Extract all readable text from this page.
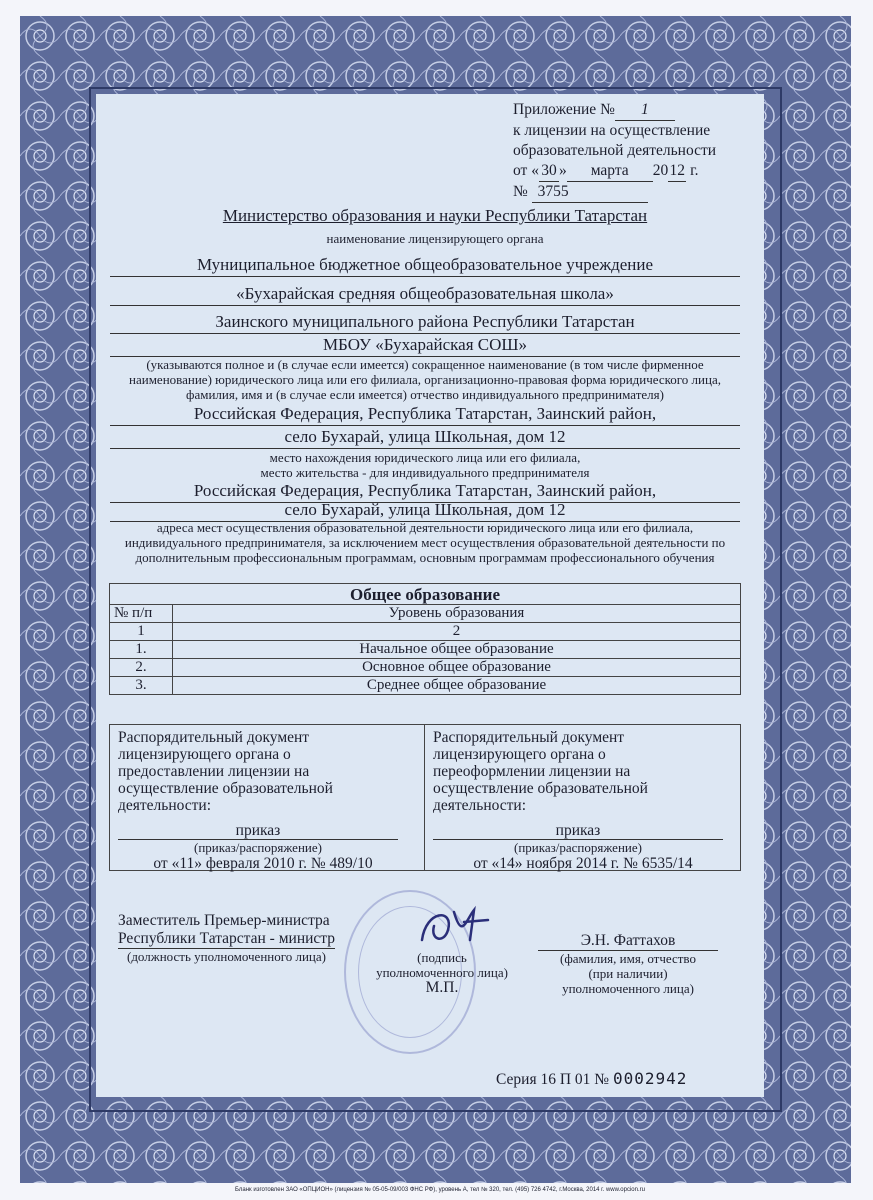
Приложение № 1
к лицензии на осуществление
образовательной деятельности
от « 30 » марта 2012 г.
№ 3755
Министерство образования и науки Республики Татарстан
наименование лицензирующего органа
Муниципальное бюджетное общеобразовательное учреждение
«Бухарайская средняя общеобразовательная школа»
Заинского муниципального района Республики Татарстан
МБОУ «Бухарайская СОШ»
(указываются полное и (в случае если имеется) сокращенное наименование (в том числе фирменное наименование) юридического лица или его филиала, организационно-правовая форма юридического лица, фамилия, имя и (в случае если имеется) отчество индивидуального предпринимателя)
Российская Федерация, Республика Татарстан, Заинский район,
село Бухарай, улица Школьная, дом 12
место нахождения юридического лица или его филиала,
место жительства - для индивидуального предпринимателя
Российская Федерация, Республика Татарстан, Заинский район,
село Бухарай, улица Школьная, дом 12
адреса мест осуществления образовательной деятельности юридического лица или его филиала, индивидуального предпринимателя, за исключением мест осуществления образовательной деятельности по дополнительным профессиональным программам, основным программам профессионального обучения
Общее образование	
№ п/п	Уровень образования
1	2
1.	Начальное общее образование
2.	Основное общее образование
3.	Среднее общее образование
Распорядительный документ лицензирующего органа о предоставлении лицензии на осуществление образовательной деятельности:
приказ
(приказ/распоряжение)
от «11» февраля 2010 г. № 489/10
Распорядительный документ лицензирующего органа о переоформлении лицензии на осуществление образовательной деятельности:
приказ
(приказ/распоряжение)
от «14» ноября 2014 г. № 6535/14
Заместитель Премьер-министра
Республики Татарстан - министр
(должность уполномоченного лица)	(подпись
уполномоченного лица)
М.П.
Э.Н. Фаттахов
(фамилия, имя, отчество
(при наличии)
уполномоченного лица)
Серия 16 П 01 № 0002942
Бланк изготовлен ЗАО «ОПЦИОН» (лицензия № 05-05-09/003 ФНС РФ), уровень А, тел № 320, тел. (495) 726 4742, г.Москва, 2014 г. www.opcion.ru
